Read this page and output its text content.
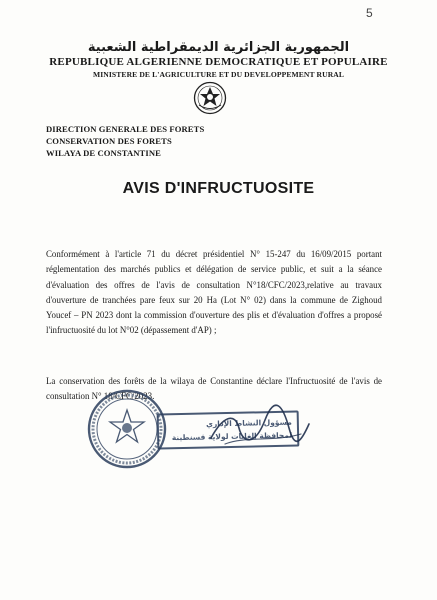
5
الجمهورية الجزائرية الديمقراطية الشعبية
REPUBLIQUE ALGERIENNE DEMOCRATIQUE ET POPULAIRE
MINISTERE DE L'AGRICULTURE ET DU DEVELOPPEMENT RURAL
DIRECTION GENERALE DES FORETS
CONSERVATION DES FORETS
WILAYA DE CONSTANTINE
AVIS D'INFRUCTUOSITE
Conformément à l'article 71 du décret présidentiel N° 15-247 du 16/09/2015 portant réglementation des marchés publics et délégation de service public, et suit a la séance d'évaluation des offres de l'avis de consultation N°18/CFC/2023,relative au travaux d'ouverture de tranchées pare feux sur 20 Ha (Lot N° 02) dans la commune de Zighoud Youcef – PN 2023 dont la commission d'ouverture des plis et d'évaluation d'offres a proposé l'infructuosité du lot N°02 (dépassement d'AP) ;
La conservation des forêts de la wilaya de Constantine déclare l'Infructuosité de l'avis de consultation N° 18/CFC/2023.
مسؤول النشاط الإداري
لمحافظة الغابات لولاية قسنطينة
